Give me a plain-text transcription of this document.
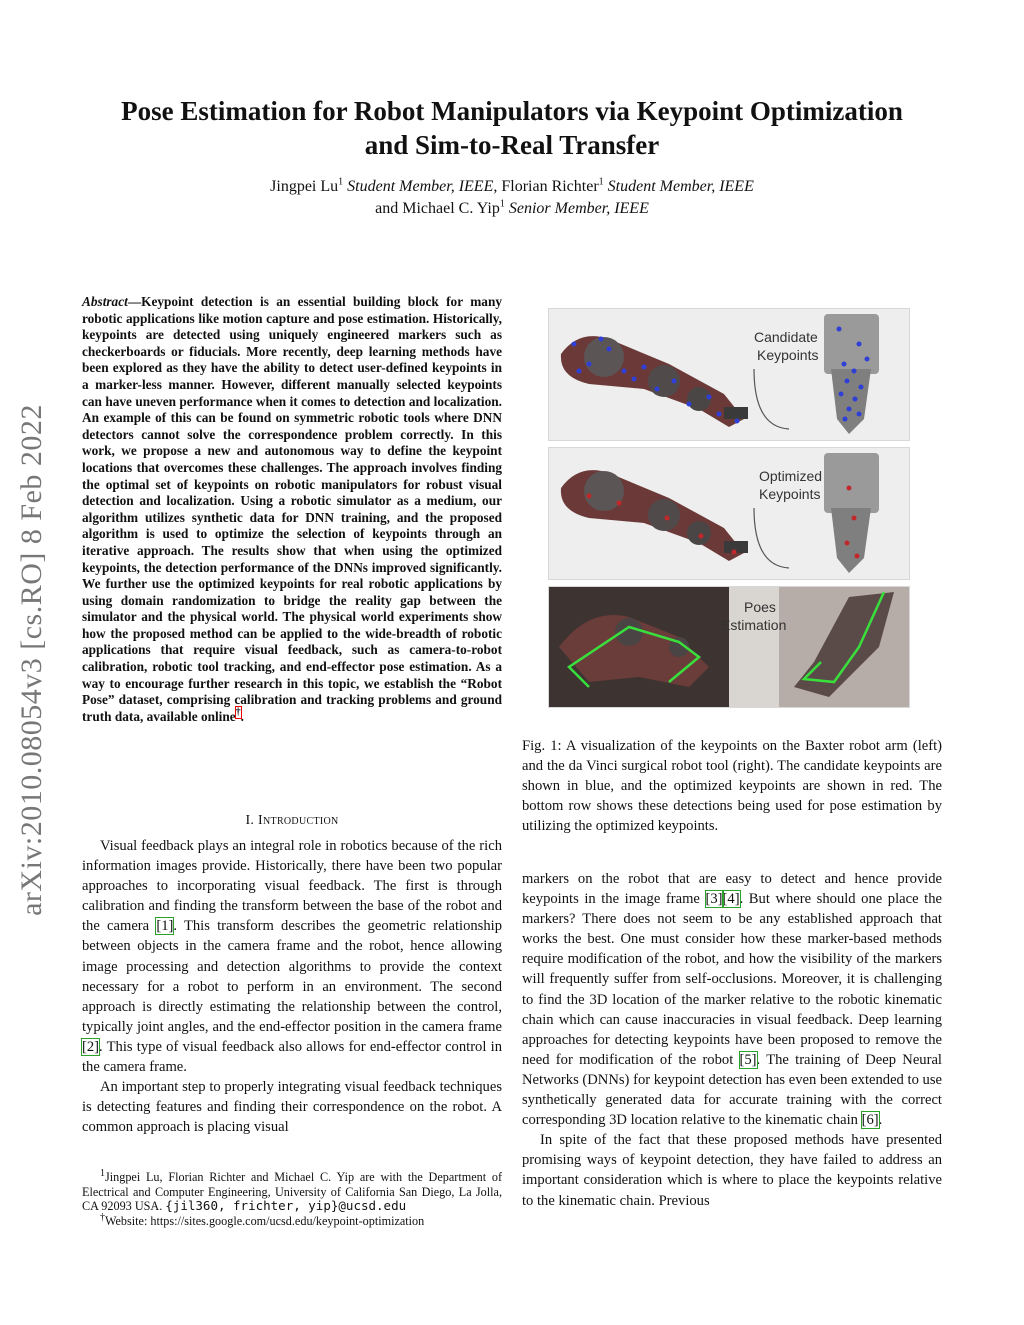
Pose Estimation for Robot Manipulators via Keypoint Optimization
and Sim-to-Real Transfer
Jingpei Lu$^1$ Student Member, IEEE, Florian Richter$^1$ Student Member, IEEE
and Michael C. Yip$^1$ Senior Member, IEEE
arXiv:2010.08054v3 [cs.RO] 8 Feb 2022
Abstract—Keypoint detection is an essential building block for many robotic applications like motion capture and pose estimation. Historically, keypoints are detected using uniquely engineered markers such as checkerboards or fiducials. More recently, deep learning methods have been explored as they have the ability to detect user-defined keypoints in a marker-less manner. However, different manually selected keypoints can have uneven performance when it comes to detection and localization. An example of this can be found on symmetric robotic tools where DNN detectors cannot solve the correspondence problem correctly. In this work, we propose a new and autonomous way to define the keypoint locations that overcomes these challenges. The approach involves finding the optimal set of keypoints on robotic manipulators for robust visual detection and localization. Using a robotic simulator as a medium, our algorithm utilizes synthetic data for DNN training, and the proposed algorithm is used to optimize the selection of keypoints through an iterative approach. The results show that when using the optimized keypoints, the detection performance of the DNNs improved significantly. We further use the optimized keypoints for real robotic applications by using domain randomization to bridge the reality gap between the simulator and the physical world. The physical world experiments show how the proposed method can be applied to the wide-breadth of robotic applications that require visual feedback, such as camera-to-robot calibration, robotic tool tracking, and end-effector pose estimation. As a way to encourage further research in this topic, we establish the “Robot Pose” dataset, comprising calibration and tracking problems and ground truth data, available online†.
I. Introduction

Visual feedback plays an integral role in robotics because of the rich information images provide. Historically, there have been two popular approaches to incorporating visual feedback. The first is through calibration and finding the transform between the base of the robot and the camera [1]. This transform describes the geometric relationship between objects in the camera frame and the robot, hence allowing image processing and detection algorithms to provide the context necessary for a robot to perform in an environment. The second approach is directly estimating the relationship between the control, typically joint angles, and the end-effector position in the camera frame [2]. This type of visual feedback also allows for end-effector control in the camera frame.

An important step to properly integrating visual feedback techniques is detecting features and finding their correspondence on the robot. A common approach is placing visual

$^1$Jingpei Lu, Florian Richter and Michael C. Yip are with the Department of Electrical and Computer Engineering, University of California San Diego, La Jolla, CA 92093 USA. {jil360, frichter, yip}@ucsd.edu
†Website: https://sites.google.com/ucsd.edu/keypoint-optimization
Candidate
Keypoints
Optimized
Keypoints
Poes
Estimation
Fig. 1: A visualization of the keypoints on the Baxter robot arm (left) and the da Vinci surgical robot tool (right). The candidate keypoints are shown in blue, and the optimized keypoints are shown in red. The bottom row shows these detections being used for pose estimation by utilizing the optimized keypoints.

markers on the robot that are easy to detect and hence provide keypoints in the image frame [3][4]. But where should one place the markers? There does not seem to be any established approach that works the best. One must consider how these marker-based methods require modification of the robot, and how the visibility of the markers will frequently suffer from self-occlusions. Moreover, it is challenging to find the 3D location of the marker relative to the robotic kinematic chain which can cause inaccuracies in visual feedback. Deep learning approaches for detecting keypoints have been proposed to remove the need for modification of the robot [5]. The training of Deep Neural Networks (DNNs) for keypoint detection has even been extended to use synthetically generated data for accurate training with the correct corresponding 3D location relative to the kinematic chain [6].

In spite of the fact that these proposed methods have presented promising ways of keypoint detection, they have failed to address an important consideration which is where to place the keypoints relative to the kinematic chain. Previous
